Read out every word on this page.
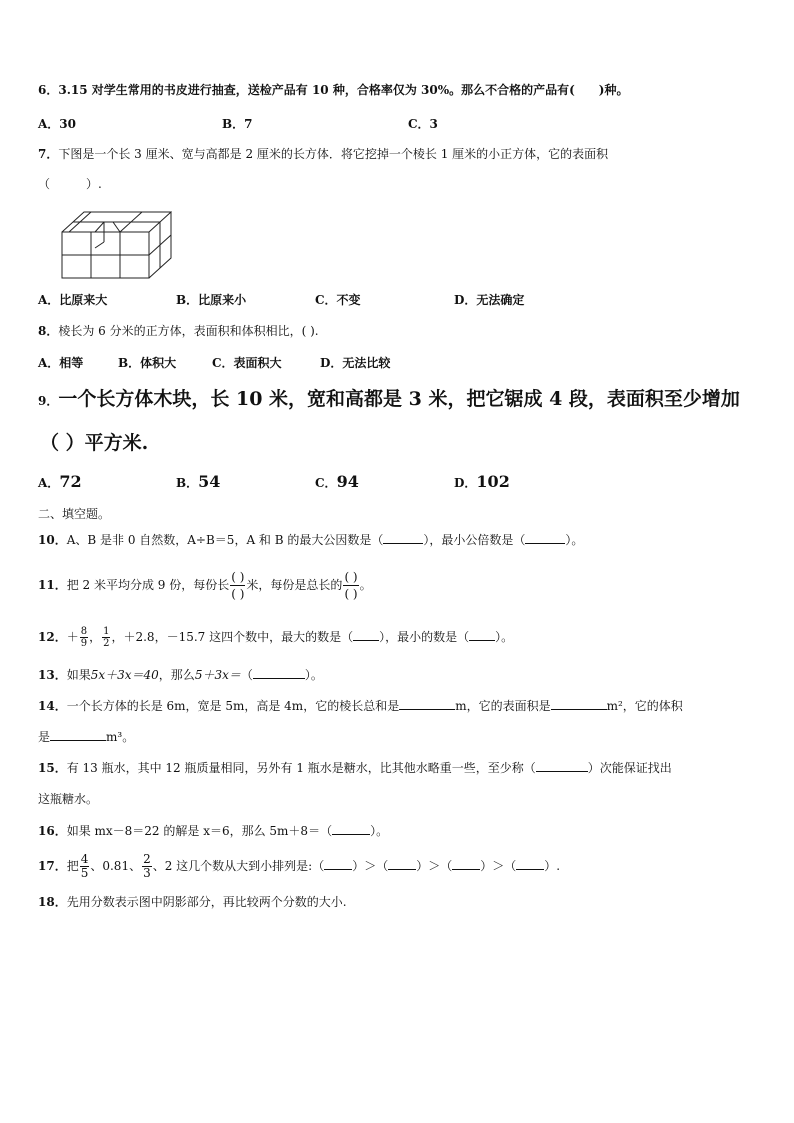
6．3.15 对学生常用的书皮进行抽查，送检产品有 10 种，合格率仅为 30%。那么不合格的产品有(　　)种。
A．30	B．7	C．3
7．下图是一个长 3 厘米、宽与高都是 2 厘米的长方体．将它挖掉一个棱长 1 厘米的小正方体，它的表面积
（　　　）.
A．比原来大	B．比原来小	C．不变	D．无法确定
8．棱长为 6 分米的正方体，表面积和体积相比，( ).
A．相等	B．体积大	C．表面积大	D．无法比较
9．一个长方体木块，长 10 米，宽和高都是 3 米，把它锯成 4 段，表面积至少增加
（ ）平方米.
A．72	B．54	C．94	D．102
二、填空题。
10．A、B 是非 0 自然数，A÷B＝5，A 和 B 的最大公因数是（	），最小公倍数是（	）。
11．把 2 米平均分成 9 份，每份长 $\frac{( )}{( )}$ 米，每份是总长的 $\frac{( )}{( )}$ 。
12．＋ $\frac{8}{9}$ ， $\frac{1}{2}$ ，＋2.8，－15.7 这四个数中，最大的数是（ ），最小的数是（ ）。
13．如果5x＋3x＝40，那么5＋3x＝（	）。
14．一个长方体的长是 6m，宽是 5m，高是 4m，它的棱长总和是	m，它的表面积是	m²，它的体积
是	m³。
15．有 13 瓶水，其中 12 瓶质量相同，另外有 1 瓶水是糖水，比其他水略重一些，至少称（	）次能保证找出
这瓶糖水。
16．如果 mx－8＝22 的解是 x＝6，那么 5m＋8＝（	）。
17．把 $\frac{4}{5}$ 、0.81、 $\frac{2}{3}$ 、2 这几个数从大到小排列是:（ ）＞（ ）＞（ ）＞（ ）.
18．先用分数表示图中阴影部分，再比较两个分数的大小.
